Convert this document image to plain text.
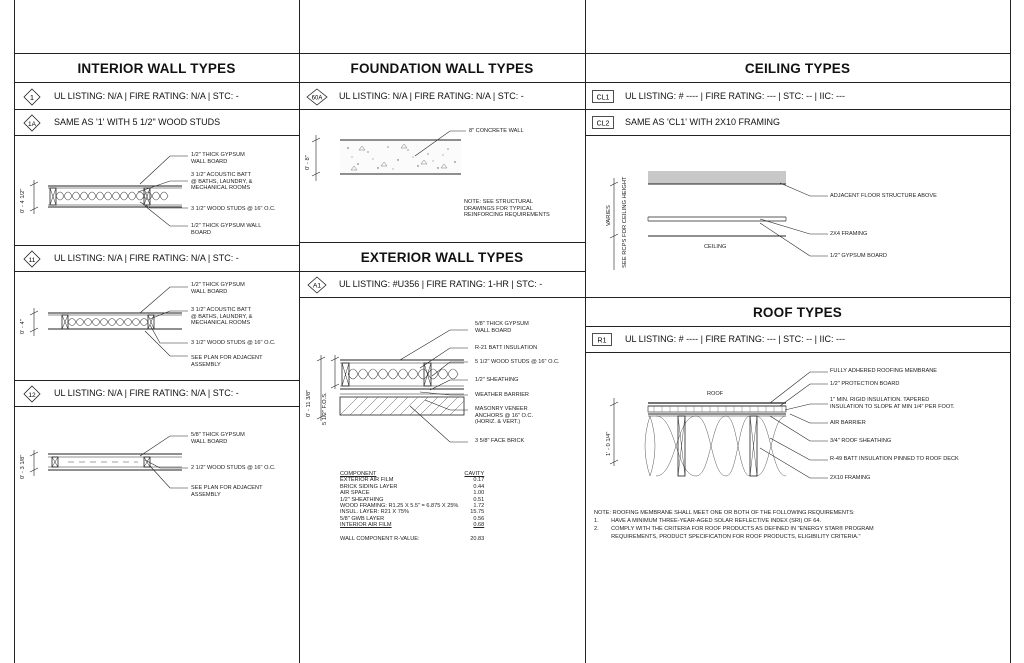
INTERIOR WALL TYPES
1 UL LISTING: N/A | FIRE RATING: N/A | STC: -
1A SAME AS '1' WITH 5 1/2" WOOD STUDS
0' - 4 1/2"
1/2" THICK GYPSUM
WALL BOARD
3 1/2" ACOUSTIC BATT
@ BATHS, LAUNDRY, &
MECHANICAL ROOMS
3 1/2" WOOD STUDS @ 16" O.C.
1/2" THICK GYPSUM WALL
BOARD
11 UL LISTING: N/A | FIRE RATING: N/A | STC: -
0' - 4"
1/2" THICK GYPSUM
WALL BOARD
3 1/2" ACOUSTIC BATT
@ BATHS, LAUNDRY, &
MECHANICAL ROOMS
3 1/2" WOOD STUDS @ 16" O.C.
SEE PLAN FOR ADJACENT
ASSEMBLY
12 UL LISTING: N/A | FIRE RATING: N/A | STC: -
0' - 3 1/8"
5/8" THICK GYPSUM
WALL BOARD
2 1/2" WOOD STUDS @ 16" O.C.
SEE PLAN FOR ADJACENT
ASSEMBLY
FOUNDATION WALL TYPES
60A UL LISTING: N/A | FIRE RATING: N/A | STC: -
0' - 8"
8" CONCRETE WALL
NOTE: SEE STRUCTURAL
DRAWINGS FOR TYPICAL
REINFORCING REQUIREMENTS
EXTERIOR WALL TYPES
A1 UL LISTING: #U356 | FIRE RATING: 1-HR | STC: -
0' - 11 3/8" 5 1/2" F.O.S.
5/8" THICK GYPSUM
WALL BOARD
R-21 BATT INSULATION
5 1/2" WOOD STUDS @ 16" O.C.
1/2" SHEATHING
WEATHER BARRIER
MASONRY VENEER
ANCHORS @ 16" O.C.
(HORIZ. & VERT.)
3 5/8" FACE BRICK
COMPONENT	CAVITY
EXTERIOR AIR FILM	0.17
BRICK SIDING LAYER	0.44
AIR SPACE	1.00
1/2" SHEATHING	0.51
WOOD FRAMING: R1.25 X 5.5" = 6.875 X 25%	1.72
INSUL. LAYER: R21 X 75%	15.75
5/8" GWB LAYER	0.56
INTERIOR AIR FILM	0.68

WALL COMPONENT R-VALUE:	20.83
CEILING TYPES
CL1 UL LISTING: # ---- | FIRE RATING: --- | STC: -- | IIC: ---
CL2 SAME AS 'CL1' WITH 2X10 FRAMING
VARIES SEE RCPS FOR CEILING HEIGHT	ADJACENT FLOOR STRUCTURE ABOVE
2X4 FRAMING
CEILING
1/2" GYPSUM BOARD
ROOF TYPES
R1 UL LISTING: # ---- | FIRE RATING: --- | STC: -- | IIC: ---
1' - 0 1/4"
FULLY ADHERED ROOFING MEMBRANE
1/2" PROTECTION BOARD
1" MIN. RIGID INSULATION. TAPERED
INSULATION TO SLOPE AT MIN 1/4" PER FOOT.
AIR BARRIER
3/4" ROOF SHEATHING
R-49 BATT INSULATION PINNED TO ROOF DECK
2X10 FRAMING
ROOF
NOTE: ROOFING MEMBRANE SHALL MEET ONE OR BOTH OF THE FOLLOWING REQUIREMENTS:
1.        HAVE A MINIMUM THREE-YEAR-AGED SOLAR REFLECTIVE INDEX (SRI) OF 64.
2.        COMPLY WITH THE CRITERIA FOR ROOF PRODUCTS AS DEFINED IN "ENERGY STAR® PROGRAM
REQUIREMENTS, PRODUCT SPECIFICATION FOR ROOF PRODUCTS, ELIGIBILITY CRITERIA."
